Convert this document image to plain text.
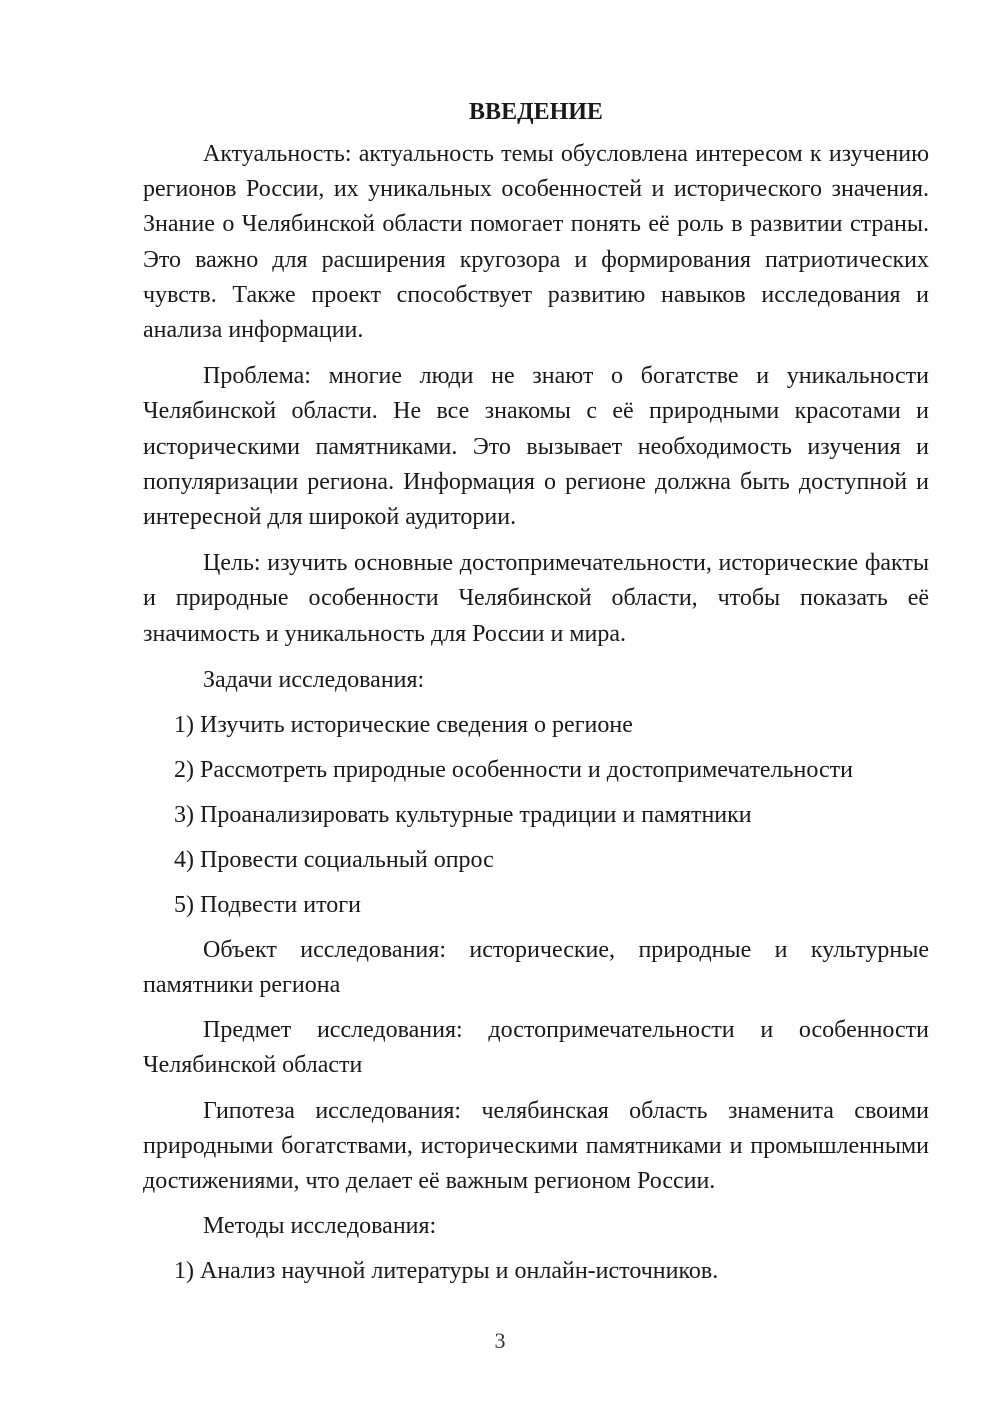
ВВЕДЕНИЕ

Актуальность: актуальность темы обусловлена интересом к изучению регионов России, их уникальных особенностей и исторического значения. Знание о Челябинской области помогает понять её роль в развитии страны. Это важно для расширения кругозора и формирования патриотических чувств. Также проект способствует развитию навыков исследования и анализа информации.

Проблема: многие люди не знают о богатстве и уникальности Челябинской области. Не все знакомы с её природными красотами и историческими памятниками. Это вызывает необходимость изучения и популяризации региона. Информация о регионе должна быть доступной и интересной для широкой аудитории.

Цель: изучить основные достопримечательности, исторические факты и природные особенности Челябинской области, чтобы показать её значимость и уникальность для России и мира.

Задачи исследования:

1) Изучить исторические сведения о регионе
2) Рассмотреть природные особенности и достопримечательности
3) Проанализировать культурные традиции и памятники
4) Провести социальный опрос
5) Подвести итоги

Объект исследования: исторические, природные и культурные памятники региона

Предмет исследования: достопримечательности и особенности Челябинской области

Гипотеза исследования: челябинская область знаменита своими природными богатствами, историческими памятниками и промышленными достижениями, что делает её важным регионом России.

Методы исследования:

1) Анализ научной литературы и онлайн-источников.
3
